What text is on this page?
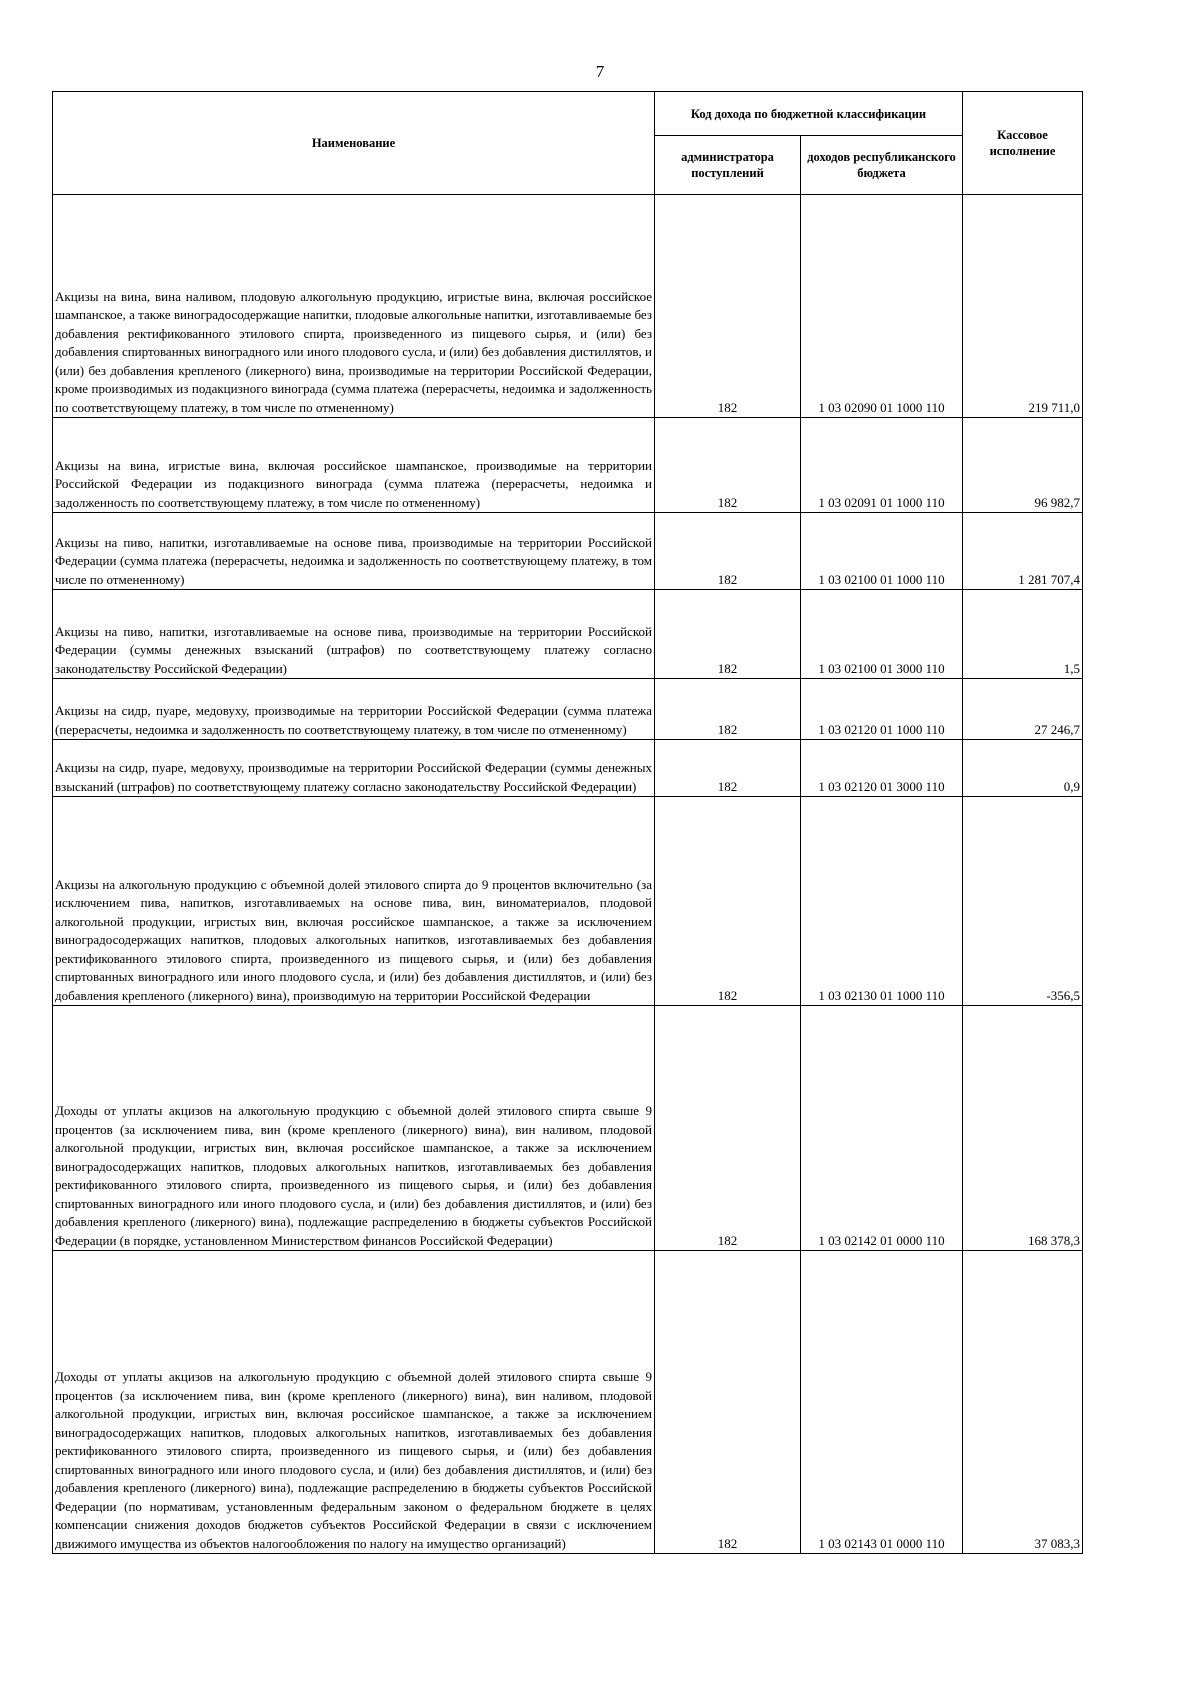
7
Наименование	Код дохода по бюджетной классификации		Кассовое исполнение
	администратора поступлений	доходов республиканского бюджета	
Акцизы на вина, вина наливом, плодовую алкогольную продукцию, игристые вина, включая российское шампанское, а также виноградосодержащие напитки, плодовые алкогольные напитки, изготавливаемые без добавления ректификованного этилового спирта, произведенного из пищевого сырья, и (или) без добавления спиртованных виноградного или иного плодового сусла, и (или) без добавления дистиллятов, и (или) без добавления крепленого (ликерного) вина, производимые на территории Российской Федерации, кроме производимых из подакцизного винограда (сумма платежа (перерасчеты, недоимка и задолженность по соответствующему платежу, в том числе по отмененному)	182	1 03 02090 01 1000 110	219 711,0
Акцизы на вина, игристые вина, включая российское шампанское, производимые на территории Российской Федерации из подакцизного винограда (сумма платежа (перерасчеты, недоимка и задолженность по соответствующему платежу, в том числе по отмененному)	182	1 03 02091 01 1000 110	96 982,7
Акцизы на пиво, напитки, изготавливаемые на основе пива, производимые на территории Российской Федерации (сумма платежа (перерасчеты, недоимка и задолженность по соответствующему платежу, в том числе по отмененному)	182	1 03 02100 01 1000 110	1 281 707,4
Акцизы на пиво, напитки, изготавливаемые на основе пива, производимые на территории Российской Федерации (суммы денежных взысканий (штрафов) по соответствующему платежу согласно законодательству Российской Федерации)	182	1 03 02100 01 3000 110	1,5
Акцизы на сидр, пуаре, медовуху, производимые на территории Российской Федерации (сумма платежа (перерасчеты, недоимка и задолженность по соответствующему платежу, в том числе по отмененному)	182	1 03 02120 01 1000 110	27 246,7
Акцизы на сидр, пуаре, медовуху, производимые на территории Российской Федерации (суммы денежных взысканий (штрафов) по соответствующему платежу согласно законодательству Российской Федерации)	182	1 03 02120 01 3000 110	0,9
Акцизы на алкогольную продукцию с объемной долей этилового спирта до 9 процентов включительно (за исключением пива, напитков, изготавливаемых на основе пива, вин, виноматериалов, плодовой алкогольной продукции, игристых вин, включая российское шампанское, а также за исключением виноградосодержащих напитков, плодовых алкогольных напитков, изготавливаемых без добавления ректификованного этилового спирта, произведенного из пищевого сырья, и (или) без добавления спиртованных виноградного или иного плодового сусла, и (или) без добавления дистиллятов, и (или) без добавления крепленого (ликерного) вина), производимую на территории Российской Федерации	182	1 03 02130 01 1000 110	-356,5
Доходы от уплаты акцизов на алкогольную продукцию с объемной долей этилового спирта свыше 9 процентов (за исключением пива, вин (кроме крепленого (ликерного) вина), вин наливом, плодовой алкогольной продукции, игристых вин, включая российское шампанское, а также за исключением виноградосодержащих напитков, плодовых алкогольных напитков, изготавливаемых без добавления ректификованного этилового спирта, произведенного из пищевого сырья, и (или) без добавления спиртованных виноградного или иного плодового сусла, и (или) без добавления дистиллятов, и (или) без добавления крепленого (ликерного) вина), подлежащие распределению в бюджеты субъектов Российской Федерации (в порядке, установленном Министерством финансов Российской Федерации)	182	1 03 02142 01 0000 110	168 378,3
Доходы от уплаты акцизов на алкогольную продукцию с объемной долей этилового спирта свыше 9 процентов (за исключением пива, вин (кроме крепленого (ликерного) вина), вин наливом, плодовой алкогольной продукции, игристых вин, включая российское шампанское, а также за исключением виноградосодержащих напитков, плодовых алкогольных напитков, изготавливаемых без добавления ректификованного этилового спирта, произведенного из пищевого сырья, и (или) без добавления спиртованных виноградного или иного плодового сусла, и (или) без добавления дистиллятов, и (или) без добавления крепленого (ликерного) вина), подлежащие распределению в бюджеты субъектов Российской Федерации (по нормативам, установленным федеральным законом о федеральном бюджете в целях компенсации снижения доходов бюджетов субъектов Российской Федерации в связи с исключением движимого имущества из объектов налогообложения по налогу на имущество организаций)	182	1 03 02143 01 0000 110	37 083,3
